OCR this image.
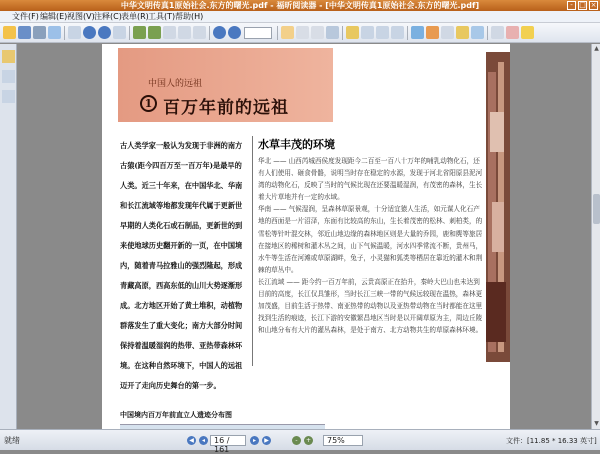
中华文明传真1原始社会.东方的曙光.pdf - 福昕阅读器 - [中华文明传真1原始社会.东方的曙光.pdf]	- □ ×
文件(F) 编辑(E) 视图(V) 注释(C) 表单(R) 工具(T) 帮助(H)
中国人的远祖
1 百万年前的远祖
古人类学家一般认为发现于非洲的南方古猿(距今四百万至一百万年)是最早的人类。近三十年来，在中国华北、华南和长江流域等地都发现年代属于更新世早期的人类化石或石制品，更新世的到来使地球历史翻开新的一页，在中国境内，随着青马拉雅山的强烈隆起，形成青藏高原，西高东低的山川大势逐渐形成。北方地区开始了黄土堆积，动植物群落发生了重大变化；南方大部分时间保持着温暖湿润的热带、亚热带森林环境。在这种自然环境下，中国人的远祖迈开了走向历史舞台的第一步。
水草丰茂的环境

华北 —— 山西芮城西侯度发现距今二百至一百八十万年的哺乳动物化石，还有人们使用、砸食骨骼，说明当时存在稳定的水源，发现于河北省阳原县泥河湾的动物化石，反映了当时的气候比现在还要温暖湿润，有茂密的森林，生长着大片草地并有一定的水域。

华南 —— 气候湿润，呈森林草原景观，十分适宜猿人生活，如元谋人化石产地的西面是一片沼泽，东面有比较高的东山，生长着茂密的松林、刺柏类，的雪松等针叶混交林，邻近山地边缘的森林地区则是大量的乔园，鹿和麂等旅居在接地区的稀树和灌木丛之间，山下气候温暖，河水四季常流不断，贵州马，水牛等生活在河滩或草原湖畔，兔子，小灵猫和狐类等栖居在靠近的灌木和荆棘的草丛中。

长江流域 —— 距今约一百万年前，云贵高原正在抬升，秦岭大巴山也未达到目前的高度，长江仅具雏形，当时长江三峡一带的气候远较现在温热，森林更加茂盛，目前生活于热带、南亚热带的动物以及亚热带动物在当时都能在这里找到生活的痕迹，长江下游的安徽繁昌地区当时是以开阔草原为主，周边丘陵和山地分布有大片的灌丛森林，是处于南方、北方动物共生的草原森林环境。

中国境内百万年前直立人遗迹分布图
▲
▼
就绪	◀	◂	16 / 161
▸	▶	-	+	75%	文件：[11.85 * 16.33 英寸]
